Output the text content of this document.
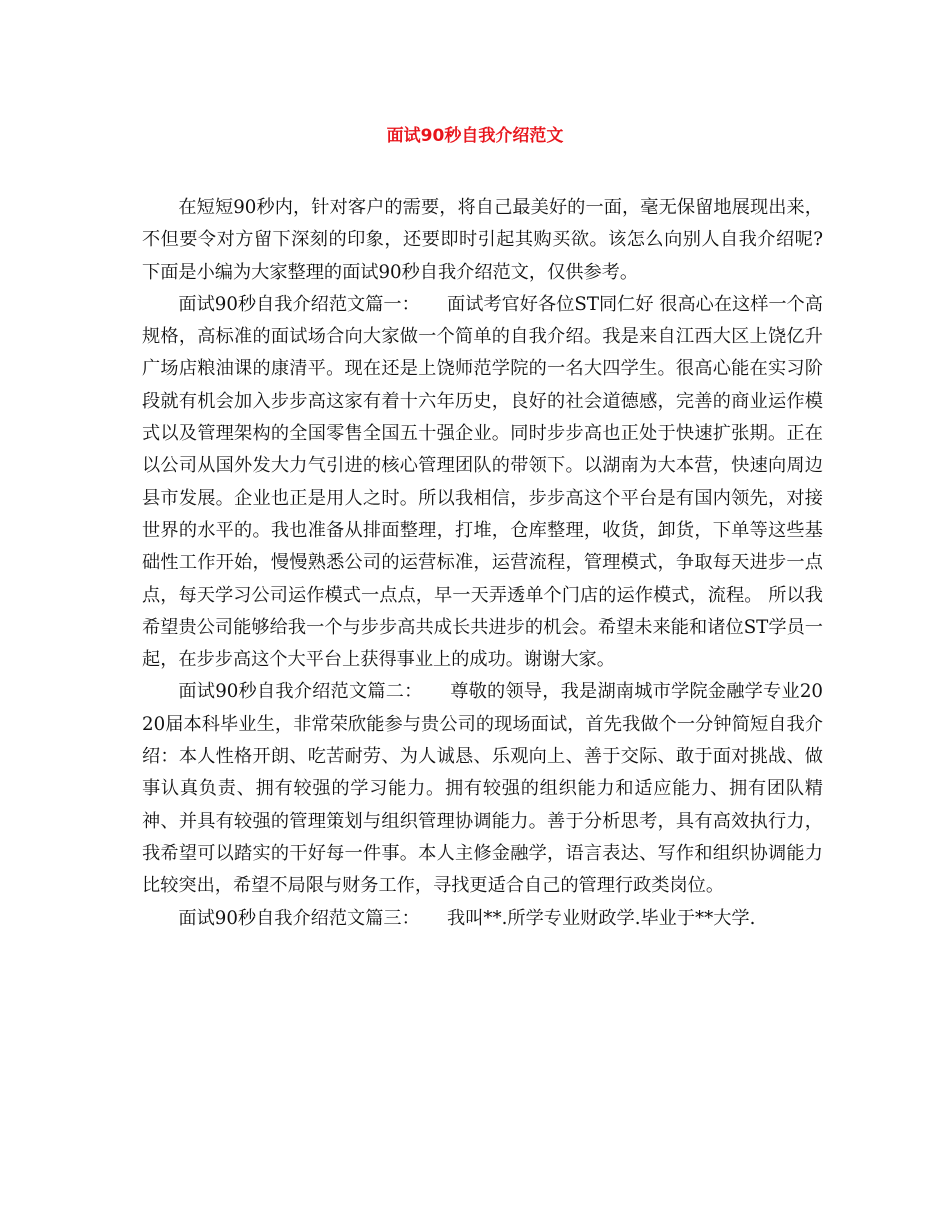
面试90秒自我介绍范文

在短短90秒内，针对客户的需要，将自己最美好的一面，毫无保留地展现出来，不但要令对方留下深刻的印象，还要即时引起其购买欲。该怎么向别人自我介绍呢?下面是小编为大家整理的面试90秒自我介绍范文，仅供参考。

面试90秒自我介绍范文篇一：　　面试考官好各位ST同仁好 很高心在这样一个高规格，高标准的面试场合向大家做一个简单的自我介绍。我是来自江西大区上饶亿升广场店粮油课的康清平。现在还是上饶师范学院的一名大四学生。很高心能在实习阶段就有机会加入步步高这家有着十六年历史，良好的社会道德感，完善的商业运作模式以及管理架构的全国零售全国五十强企业。同时步步高也正处于快速扩张期。正在以公司从国外发大力气引进的核心管理团队的带领下。以湖南为大本营，快速向周边县市发展。企业也正是用人之时。所以我相信，步步高这个平台是有国内领先，对接世界的水平的。我也准备从排面整理，打堆，仓库整理，收货，卸货，下单等这些基础性工作开始，慢慢熟悉公司的运营标准，运营流程，管理模式，争取每天进步一点点，每天学习公司运作模式一点点，早一天弄透单个门店的运作模式，流程。 所以我希望贵公司能够给我一个与步步高共成长共进步的机会。希望未来能和诸位ST学员一起，在步步高这个大平台上获得事业上的成功。谢谢大家。

面试90秒自我介绍范文篇二：　　尊敬的领导，我是湖南城市学院金融学专业2020届本科毕业生，非常荣欣能参与贵公司的现场面试，首先我做个一分钟简短自我介绍：本人性格开朗、吃苦耐劳、为人诚恳、乐观向上、善于交际、敢于面对挑战、做事认真负责、拥有较强的学习能力。拥有较强的组织能力和适应能力、拥有团队精神、并具有较强的管理策划与组织管理协调能力。善于分析思考，具有高效执行力，我希望可以踏实的干好每一件事。本人主修金融学，语言表达、写作和组织协调能力比较突出，希望不局限与财务工作，寻找更适合自己的管理行政类岗位。

面试90秒自我介绍范文篇三：　　我叫**.所学专业财政学.毕业于**大学.
